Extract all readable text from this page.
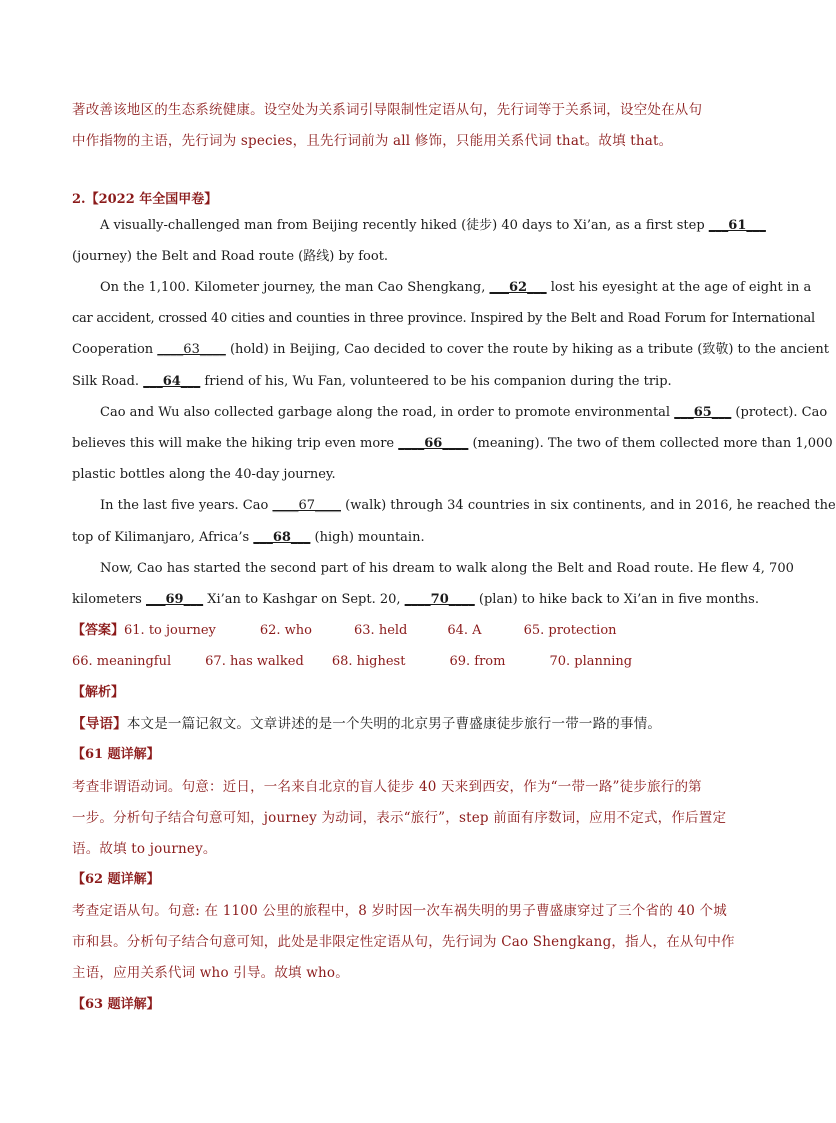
著改善该地区的生态系统健康。设空处为关系词引导限制性定语从句，先行词等于关系词，设空处在从句
中作指物的主语，先行词为 species，且先行词前为 all 修饰，只能用关系代词 that。故填 that。
2.【2022 年全国甲卷】
A visually-challenged man from Beijing recently hiked (徒步) 40 days to Xi’an, as a first step ___61___
(journey) the Belt and Road route (路线) by foot.
On the 1,100. Kilometer journey, the man Cao Shengkang, ___62___ lost his eyesight at the age of eight in a
car accident, crossed 40 cities and counties in three province. Inspired by the Belt and Road Forum for International
Cooperation ____63____ (hold) in Beijing, Cao decided to cover the route by hiking as a tribute (致敬) to the ancient
Silk Road. ___64___ friend of his, Wu Fan, volunteered to be his companion during the trip.
Cao and Wu also collected garbage along the road, in order to promote environmental ___65___ (protect). Cao
believes this will make the hiking trip even more ____66____ (meaning). The two of them collected more than 1,000
plastic bottles along the 40-day journey.
In the last five years. Cao ____67____ (walk) through 34 countries in six continents, and in 2016, he reached the
top of Kilimanjaro, Africa’s ___68___ (high) mountain.
Now, Cao has started the second part of his dream to walk along the Belt and Road route. He flew 4, 700
kilometers ___69___ Xi’an to Kashgar on Sept. 20, ____70____ (plan) to hike back to Xi’an in five months.
【答案】61. to journey	62. who	63. held	64. A	65. protection
66. meaningful	67. has walked 68. highest	69. from	70. planning
【解析】
【导语】本文是一篇记叙文。文章讲述的是一个失明的北京男子曹盛康徒步旅行一带一路的事情。
【61 题详解】
考查非谓语动词。句意：近日，一名来自北京的盲人徒步 40 天来到西安，作为“一带一路”徒步旅行的第
一步。分析句子结合句意可知，journey 为动词，表示“旅行”，step 前面有序数词，应用不定式，作后置定
语。故填 to journey。
【62 题详解】
考查定语从句。句意: 在 1100 公里的旅程中，8 岁时因一次车祸失明的男子曹盛康穿过了三个省的 40 个城
市和县。分析句子结合句意可知，此处是非限定性定语从句，先行词为 Cao Shengkang，指人，在从句中作
主语，应用关系代词 who 引导。故填 who。
【63 题详解】
